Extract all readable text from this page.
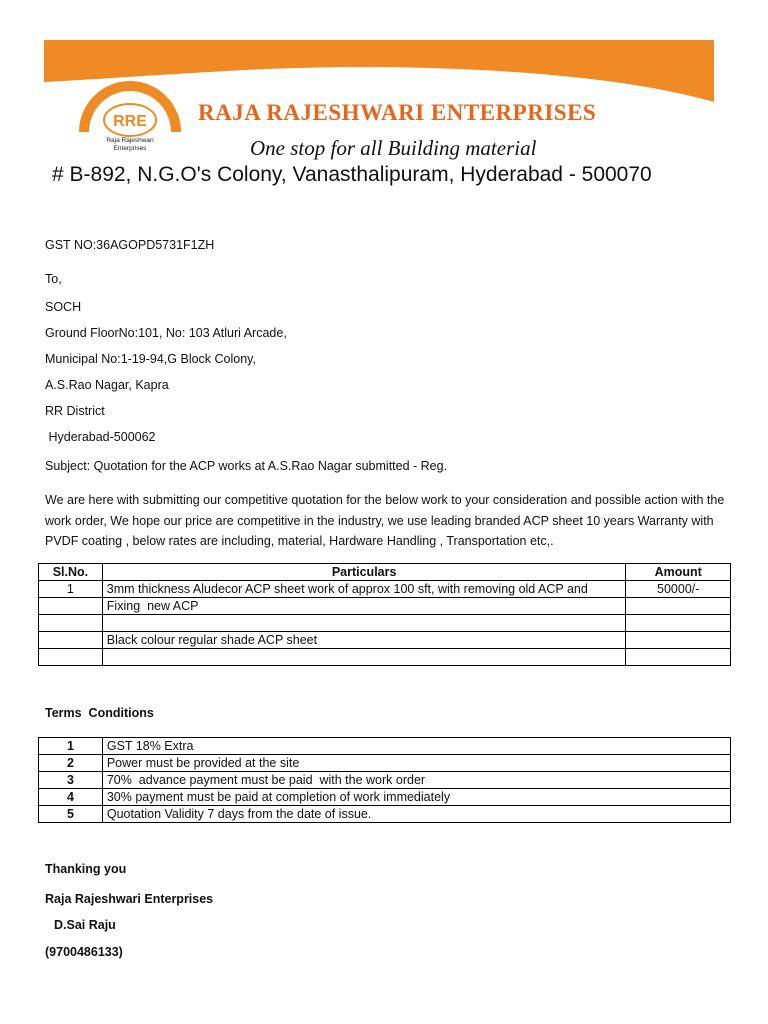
RRE
Raja Rajeshwari
Enterprises
RAJA RAJESHWARI ENTERPRISES
One stop for all Building material
# B-892, N.G.O's Colony, Vanasthalipuram, Hyderabad - 500070
GST NO:36AGOPD5731F1ZH
To,
SOCH
Ground FloorNo:101, No: 103 Atluri Arcade,
Municipal No:1-19-94,G Block Colony,
A.S.Rao Nagar, Kapra
RR District
Hyderabad-500062
Subject: Quotation for the ACP works at A.S.Rao Nagar submitted - Reg.
We are here with submitting our competitive quotation for the below work to your consideration and possible action with the work order, We hope our price are competitive in the industry, we use leading branded ACP sheet 10 years Warranty with PVDF coating , below rates are including, material, Hardware Handling , Transportation etc,.
Sl.No.	Particulars	Amount
1	3mm thickness Aludecor ACP sheet work of approx 100 sft, with removing old ACP and	50000/-
	Fixing  new ACP	

	Black colour regular shade ACP sheet	

Terms  Conditions
1	GST 18% Extra
2	Power must be provided at the site
3	70%  advance payment must be paid  with the work order
4	30% payment must be paid at completion of work immediately
5	Quotation Validity 7 days from the date of issue.
Thanking you
Raja Rajeshwari Enterprises
D.Sai Raju
(9700486133)
